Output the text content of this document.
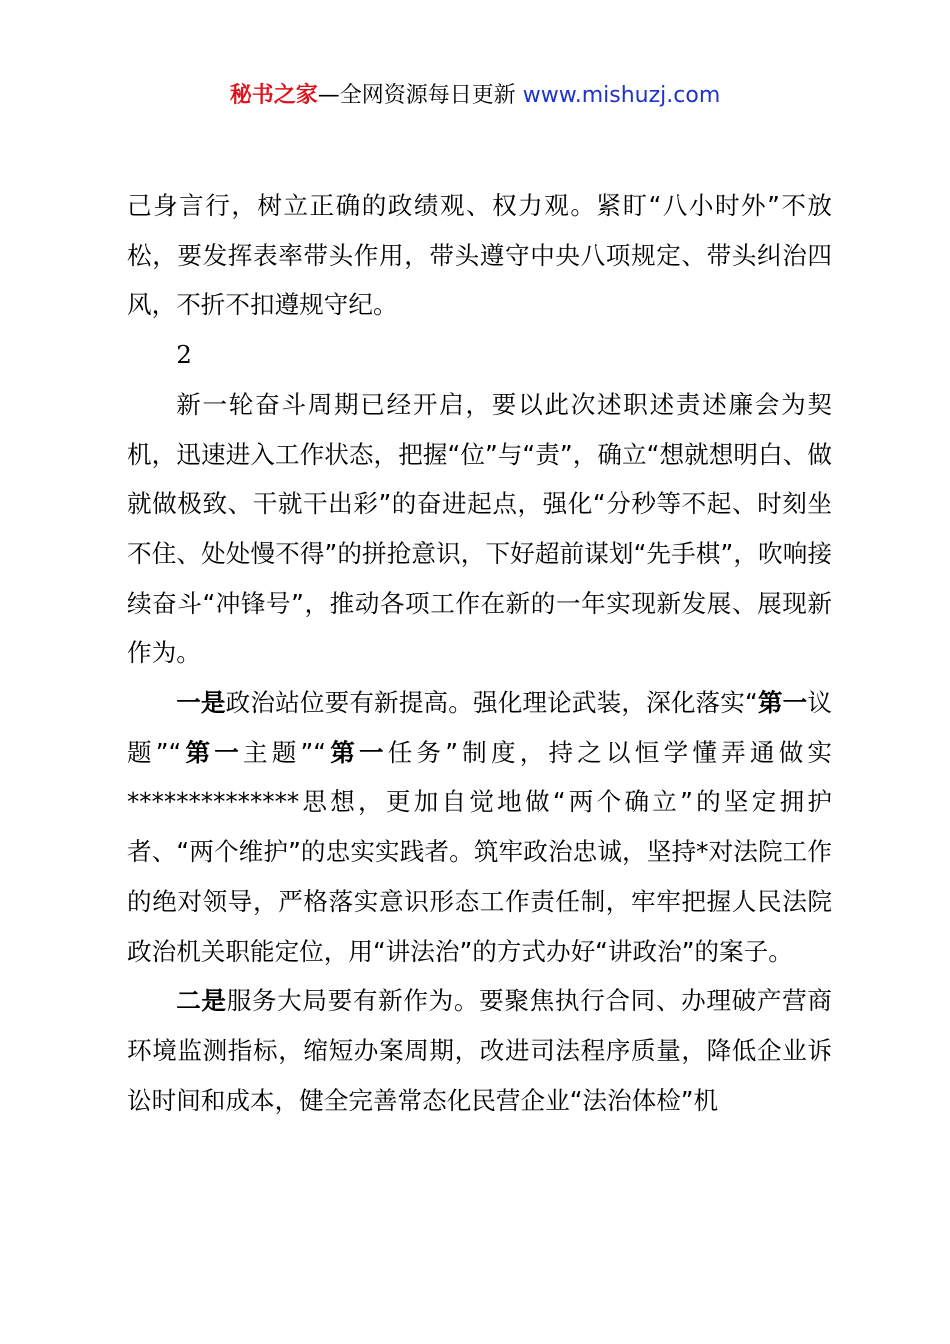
秘书之家—全网资源每日更新 www.mishuzj.com

己身言行，树立正确的政绩观、权力观。紧盯“八小时外”不放松，要发挥表率带头作用，带头遵守中央八项规定、带头纠治四风，不折不扣遵规守纪。

2

新一轮奋斗周期已经开启，要以此次述职述责述廉会为契机，迅速进入工作状态，把握“位”与“责”，确立“想就想明白、做就做极致、干就干出彩”的奋进起点，强化“分秒等不起、时刻坐不住、处处慢不得”的拼抢意识，下好超前谋划“先手棋”，吹响接续奋斗“冲锋号”，推动各项工作在新的一年实现新发展、展现新作为。

一是政治站位要有新提高。强化理论武装，深化落实“第一议题”“第一主题”“第一任务”制度，持之以恒学懂弄通做实**************思想，更加自觉地做“两个确立”的坚定拥护者、“两个维护”的忠实实践者。筑牢政治忠诚，坚持*对法院工作的绝对领导，严格落实意识形态工作责任制，牢牢把握人民法院政治机关职能定位，用“讲法治”的方式办好“讲政治”的案子。

二是服务大局要有新作为。要聚焦执行合同、办理破产营商环境监测指标，缩短办案周期，改进司法程序质量，降低企业诉讼时间和成本，健全完善常态化民营企业“法治体检”机
